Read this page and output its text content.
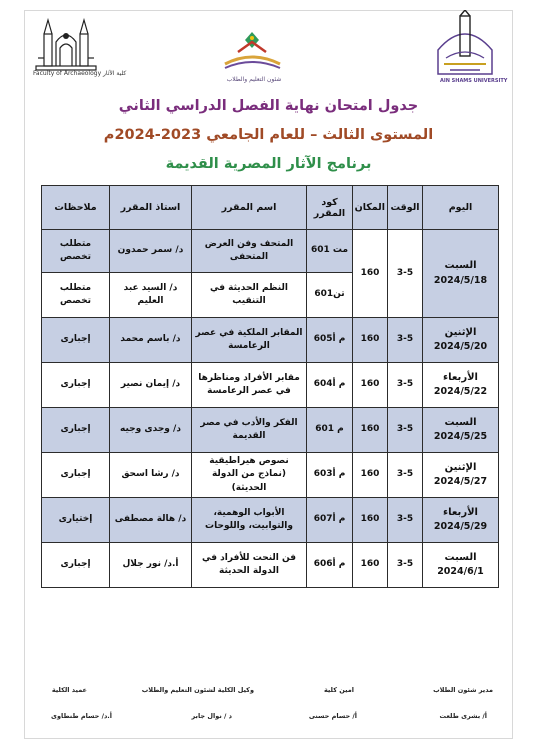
Faculty of Archaeology كلية الآثار
شئون التعليم والطلاب	AIN SHAMS UNIVERSITY
جدول امتحان نهاية الفصل الدراسي الثاني
المستوى الثالث – للعام الجامعي 2023-2024م
برنامج الآثار المصرية القديمة
اليوم	الوقت	المكان	كود المقرر	اسم المقرر	استاذ المقرر	ملاحظات

السبت
2024/5/18	3-5	160	مت 601	المتحف وفن العرض المتحفى	د/ سمر حمدون	متطلب تخصص
			تن601	النظم الحديثة في التنقيب	د/ السيد عبد العليم	متطلب تخصص

الإثنين
2024/5/20	3-5	160	م أ605	المقابر الملكية في عصر الرعامسة	د/ باسم محمد	إجبارى

الأربعاء
2024/5/22	3-5	160	م أ604	مقابر الأفراد ومناظرها في عصر الرعامسة	د/ إيمان نصير	إجبارى

السبت
2024/5/25	3-5	160	م 601	الفكر والأدب في مصر القديمة	د/ وجدى وجيه	إجبارى

الإثنين
2024/5/27	3-5	160	م أ603	نصوص هيراطيقية (نماذج من الدولة الحديثة)	د/ رشا اسحق	إجبارى

الأربعاء
2024/5/29	3-5	160	م أ607	الأبواب الوهمية، والتوابيت، واللوحات	د/ هالة مصطفى	إختيارى

السبت
2024/6/1	3-5	160	م أ606	فن النحت للأفراد في الدولة الحديثة	أ.د/ نور جلال	إجبارى
مدير شئون الطلاب
أ/ بشرى طلعت
امين كلية
أ/ حسام حسنى
وكيل الكلية لشئون التعليم والطلاب
د / نوال جابر
عميد الكلية
أ.د/ حسام طنطاوى
